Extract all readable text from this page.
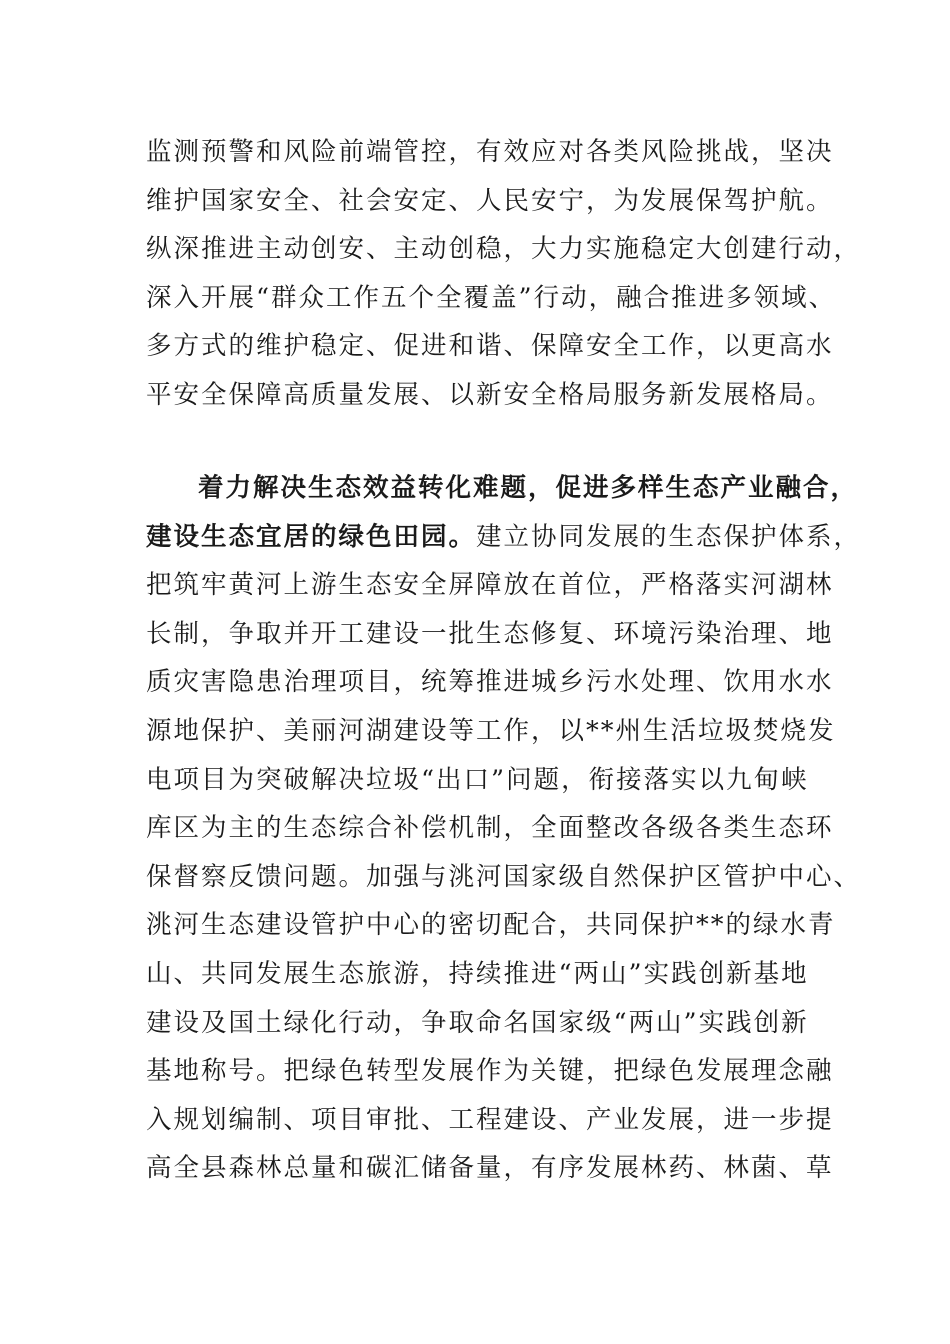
监测预警和风险前端管控，有效应对各类风险挑战，坚决
维护国家安全、社会安定、人民安宁，为发展保驾护航。
纵深推进主动创安、主动创稳，大力实施稳定大创建行动，
深入开展“群众工作五个全覆盖”行动，融合推进多领域、
多方式的维护稳定、促进和谐、保障安全工作，以更高水
平安全保障高质量发展、以新安全格局服务新发展格局。
着力解决生态效益转化难题，促进多样生态产业融合，
建设生态宜居的绿色田园。建立协同发展的生态保护体系，
把筑牢黄河上游生态安全屏障放在首位，严格落实河湖林
长制，争取并开工建设一批生态修复、环境污染治理、地
质灾害隐患治理项目，统筹推进城乡污水处理、饮用水水
源地保护、美丽河湖建设等工作，以**州生活垃圾焚烧发
电项目为突破解决垃圾“出口”问题，衔接落实以九甸峡
库区为主的生态综合补偿机制，全面整改各级各类生态环
保督察反馈问题。加强与洮河国家级自然保护区管护中心、
洮河生态建设管护中心的密切配合，共同保护**的绿水青
山、共同发展生态旅游，持续推进“两山”实践创新基地
建设及国土绿化行动，争取命名国家级“两山”实践创新
基地称号。把绿色转型发展作为关键，把绿色发展理念融
入规划编制、项目审批、工程建设、产业发展，进一步提
高全县森林总量和碳汇储备量，有序发展林药、林菌、草
